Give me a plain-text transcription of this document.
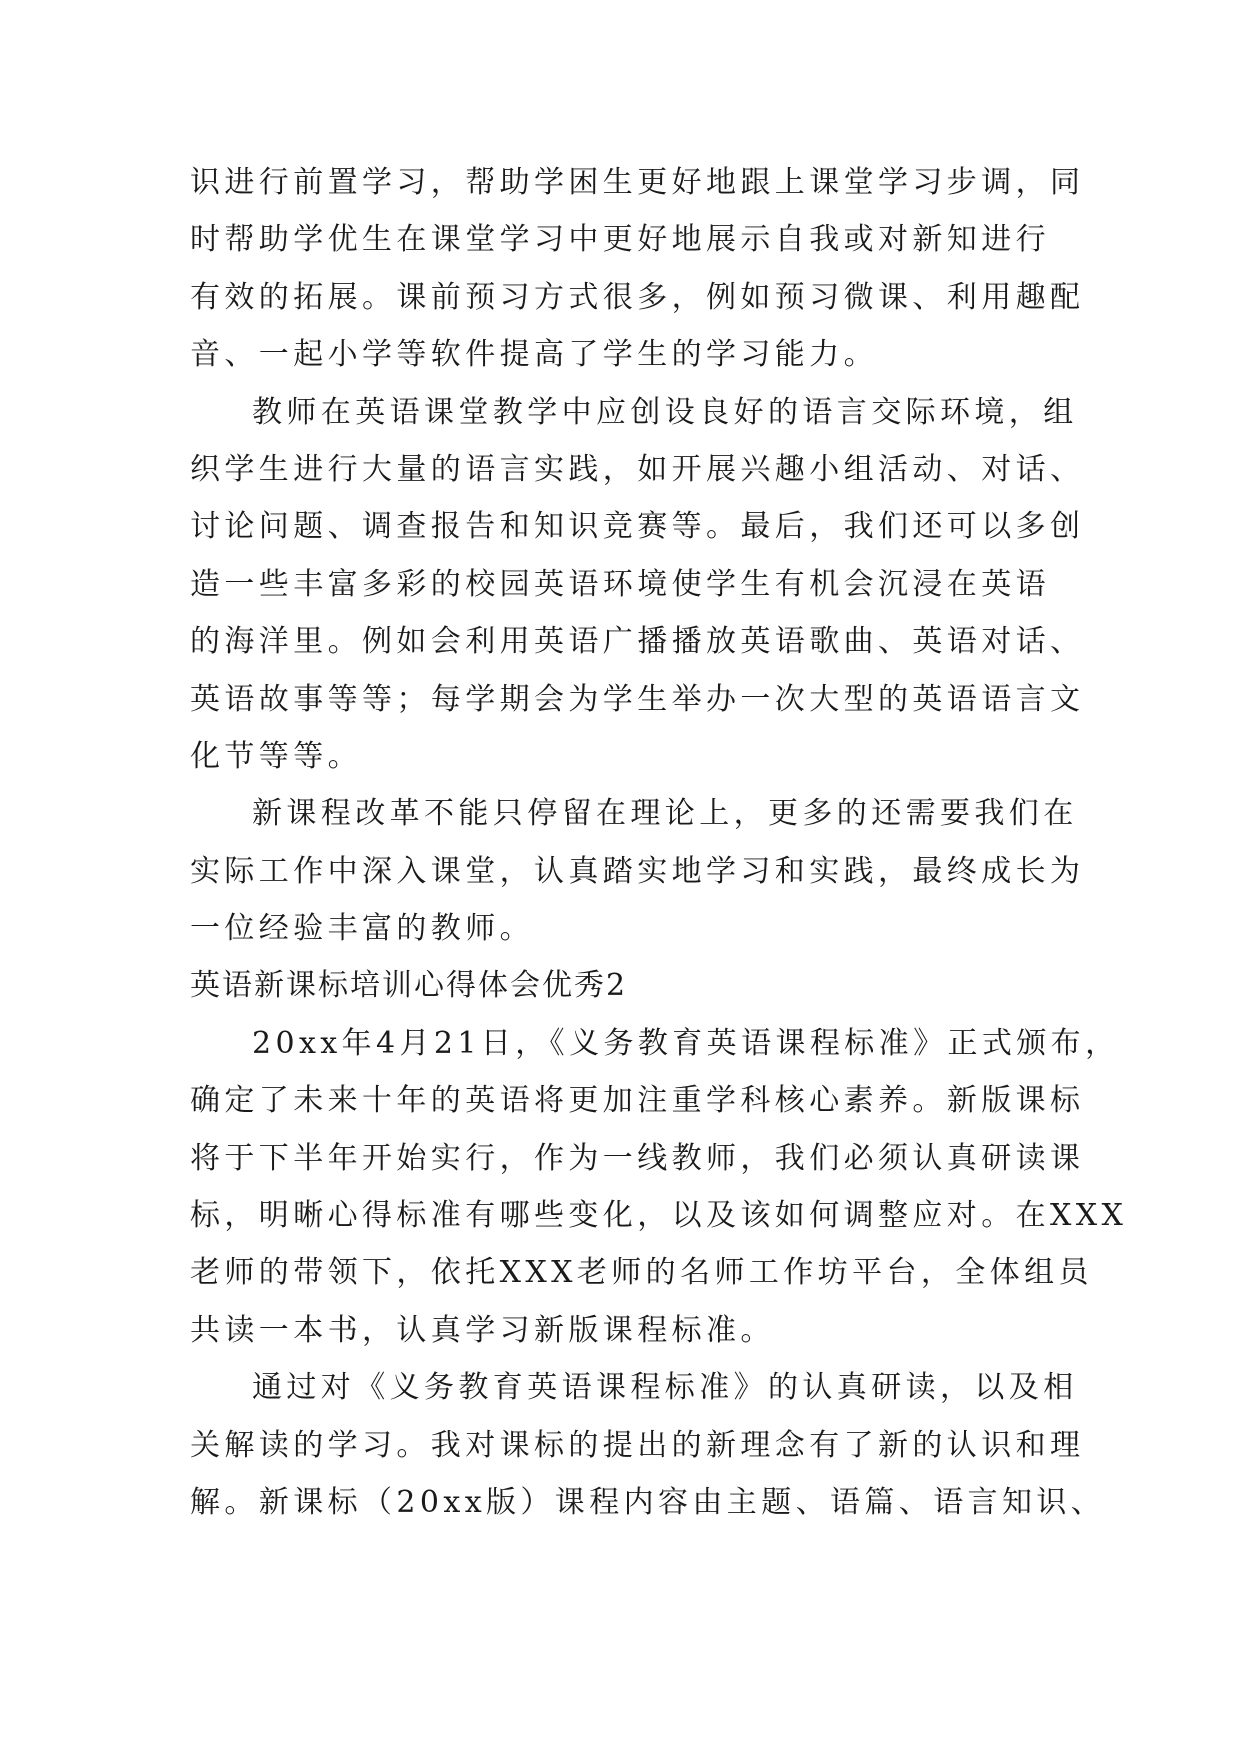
识进行前置学习，帮助学困生更好地跟上课堂学习步调，同
时帮助学优生在课堂学习中更好地展示自我或对新知进行
有效的拓展。课前预习方式很多，例如预习微课、利用趣配
音、一起小学等软件提高了学生的学习能力。
教师在英语课堂教学中应创设良好的语言交际环境，组
织学生进行大量的语言实践，如开展兴趣小组活动、对话、
讨论问题、调查报告和知识竞赛等。最后，我们还可以多创
造一些丰富多彩的校园英语环境使学生有机会沉浸在英语
的海洋里。例如会利用英语广播播放英语歌曲、英语对话、
英语故事等等；每学期会为学生举办一次大型的英语语言文
化节等等。
新课程改革不能只停留在理论上，更多的还需要我们在
实际工作中深入课堂，认真踏实地学习和实践，最终成长为
一位经验丰富的教师。
英语新课标培训心得体会优秀2
20xx年4月21日，《义务教育英语课程标准》正式颁布，
确定了未来十年的英语将更加注重学科核心素养。新版课标
将于下半年开始实行，作为一线教师，我们必须认真研读课
标，明晰心得标准有哪些变化，以及该如何调整应对。在XXX
老师的带领下，依托XXX老师的名师工作坊平台，全体组员
共读一本书，认真学习新版课程标准。
通过对《义务教育英语课程标准》的认真研读，以及相
关解读的学习。我对课标的提出的新理念有了新的认识和理
解。新课标（20xx版）课程内容由主题、语篇、语言知识、
